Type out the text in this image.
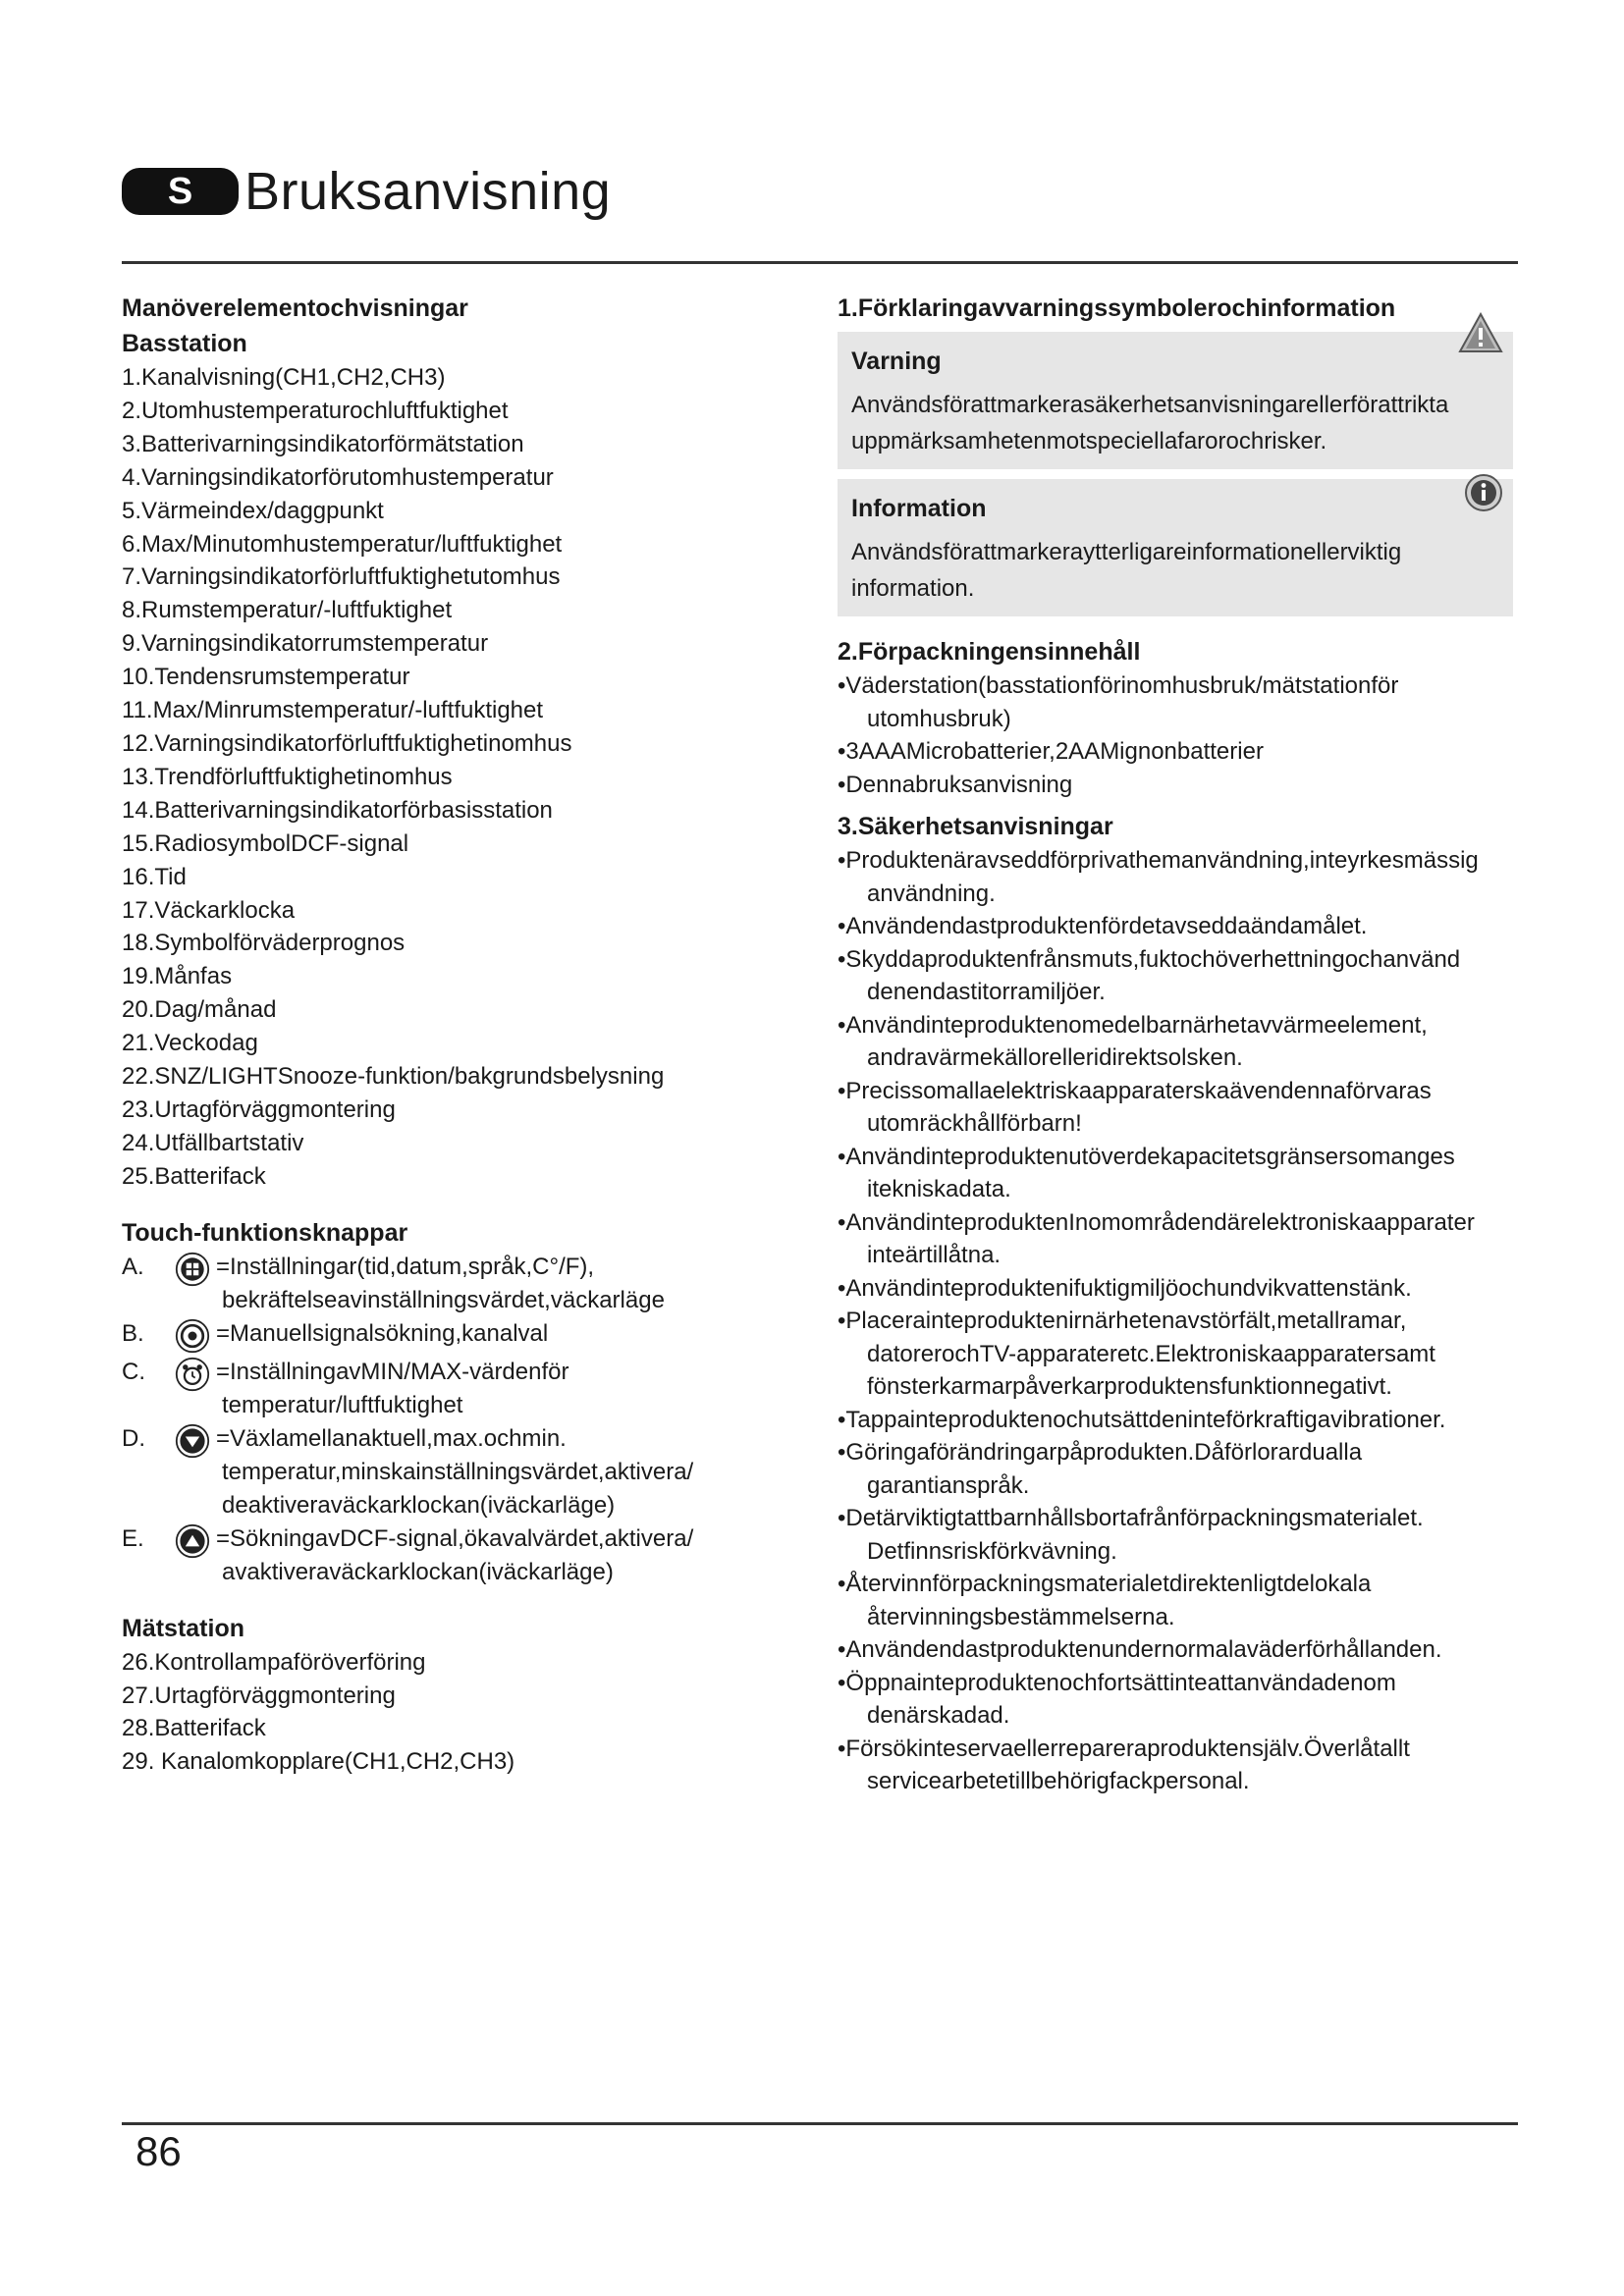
S Bruksanvisning
Manöverelementochvisningar
Basstation
1.Kanalvisning(CH1,CH2,CH3)
2.Utomhustemperaturochluftfuktighet
3.Batterivarningsindikatorförmätstation
4.Varningsindikatorförutomhustemperatur
5.Värmeindex/daggpunkt
6.Max/Minutomhustemperatur/luftfuktighet
7.Varningsindikatorförluftfuktighetutomhus
8.Rumstemperatur/-luftfuktighet
9.Varningsindikatorrumstemperatur
10.Tendensrumstemperatur
11.Max/Minrumstemperatur/-luftfuktighet
12.Varningsindikatorförluftfuktighetinomhus
13.Trendförluftfuktighetinomhus
14.Batterivarningsindikatorförbasisstation
15.RadiosymbolDCF-signal
16.Tid
17.Väckarklocka
18.Symbolförväderprognos
19.Månfas
20.Dag/månad
21.Veckodag
22.SNZ/LIGHTSnooze-funktion/bakgrundsbelysning
23.Urtagförväggmontering
24.Utfällbartstativ
25.Batterifack
Touch-funktionsknappar
A.	=Inställningar(tid,datum,språk,C°/F),
bekräftelseavinställningsvärdet,väckarläge
B.	=Manuellsignalsökning,kanalval
C.	=InställningavMIN/MAX-värdenför
temperatur/luftfuktighet
D.	=Växlamellanaktuell,max.ochmin.
temperatur,minskainställningsvärdet,aktivera/
deaktiveraväckarklockan(iväckarläge)
E.	=SökningavDCF-signal,ökavalvärdet,aktivera/
avaktiveraväckarklockan(iväckarläge)
Mätstation
26.Kontrollampaföröverföring
27.Urtagförväggmontering
28.Batterifack
29. Kanalomkopplare(CH1,CH2,CH3)
1.Förklaringavvarningssymbolerochinformation
Varning
Användsförattmarkerasäkerhetsanvisningarellerförattrikta
uppmärksamhetenmotspeciellafarorochrisker.
Information
Användsförattmarkeraytterligareinformationellerviktig
information.
2.Förpackningensinnehåll
•Väderstation(basstationförinomhusbruk/mätstationför
utomhusbruk)
•3AAAMicrobatterier,2AAMignonbatterier
•Dennabruksanvisning
3.Säkerhetsanvisningar
•Produktenäravseddförprivathemanvändning,inteyrkesmässig
användning.
•Användendastproduktenfördetavseddaändamålet.
•Skyddaproduktenfrånsmuts,fuktochöverhettningochanvänd
denendastitorramiljöer.
•Användinteproduktenomedelbarnärhetavvärmeelement,
andravärmekällorelleridirektsolsken.
•Precissomallaelektriskaapparaterskaävendennaförvaras
utomräckhållförbarn!
•Användinteproduktenutöverdekapacitetsgränsersomanges
itekniskadata.
•AnvändinteproduktenInomområdendärelektroniskaapparater
inteärtillåtna.
•Användinteproduktenifuktigmiljöochundvikvattenstänk.
•Placerainteproduktenirnärhetenavstörfält,metallramar,
datorerochTV-apparateretc.Elektroniskaapparatersamt
fönsterkarmarpåverkarproduktensfunktionnegativt.
•Tappainteproduktenochutsättdeninteförkraftigavibrationer.
•Göringaförändringarpåprodukten.Dåförlorardualla
garantianspråk.
•Detärviktigtattbarnhållsbortafrånförpackningsmaterialet.
Detfinnsriskförkvävning.
•Återvinnförpackningsmaterialetdirektenligtdelokala
återvinningsbestämmelserna.
•Användendastproduktenundernormalaväderförhållanden.
•Öppnainteproduktenochfortsättinteattanvändadenom
denärskadad.
•Försökinteservaellerrepareraproduktensjälv.Överlåtallt
servicearbetetillbehörigfackpersonal.
86
